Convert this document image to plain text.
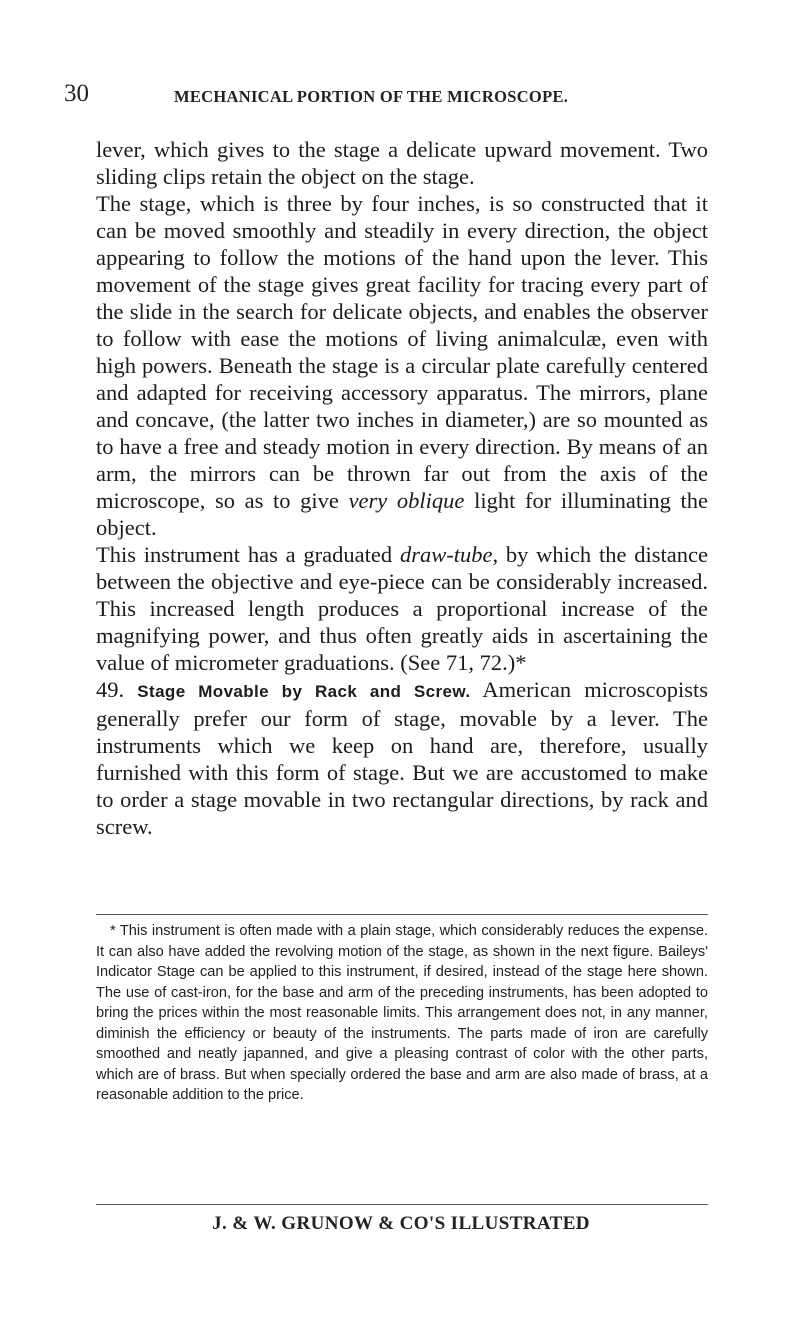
30	MECHANICAL PORTION OF THE MICROSCOPE.

lever, which gives to the stage a delicate upward movement. Two sliding clips retain the object on the stage.

The stage, which is three by four inches, is so constructed that it can be moved smoothly and steadily in every direction, the object appearing to follow the motions of the hand upon the lever. This movement of the stage gives great facility for tracing every part of the slide in the search for delicate objects, and enables the observer to follow with ease the motions of living animalculæ, even with high powers. Beneath the stage is a circular plate carefully centered and adapted for receiving accessory apparatus. The mirrors, plane and concave, (the latter two inches in diameter,) are so mounted as to have a free and steady motion in every direction. By means of an arm, the mirrors can be thrown far out from the axis of the microscope, so as to give very oblique light for illuminating the object.

This instrument has a graduated draw-tube, by which the distance between the objective and eye-piece can be considerably increased. This increased length produces a proportional increase of the magnifying power, and thus often greatly aids in ascertaining the value of micrometer graduations. (See 71, 72.)*

49. Stage Movable by Rack and Screw. American microscopists generally prefer our form of stage, movable by a lever. The instruments which we keep on hand are, therefore, usually furnished with this form of stage. But we are accustomed to make to order a stage movable in two rectangular directions, by rack and screw.

* This instrument is often made with a plain stage, which considerably reduces the expense. It can also have added the revolving motion of the stage, as shown in the next figure. Baileys' Indicator Stage can be applied to this instrument, if desired, instead of the stage here shown. The use of cast-iron, for the base and arm of the preceding instruments, has been adopted to bring the prices within the most reasonable limits. This arrangement does not, in any manner, diminish the efficiency or beauty of the instruments. The parts made of iron are carefully smoothed and neatly japanned, and give a pleasing contrast of color with the other parts, which are of brass. But when specially ordered the base and arm are also made of brass, at a reasonable addition to the price.

J. & W. GRUNOW & CO'S ILLUSTRATED
